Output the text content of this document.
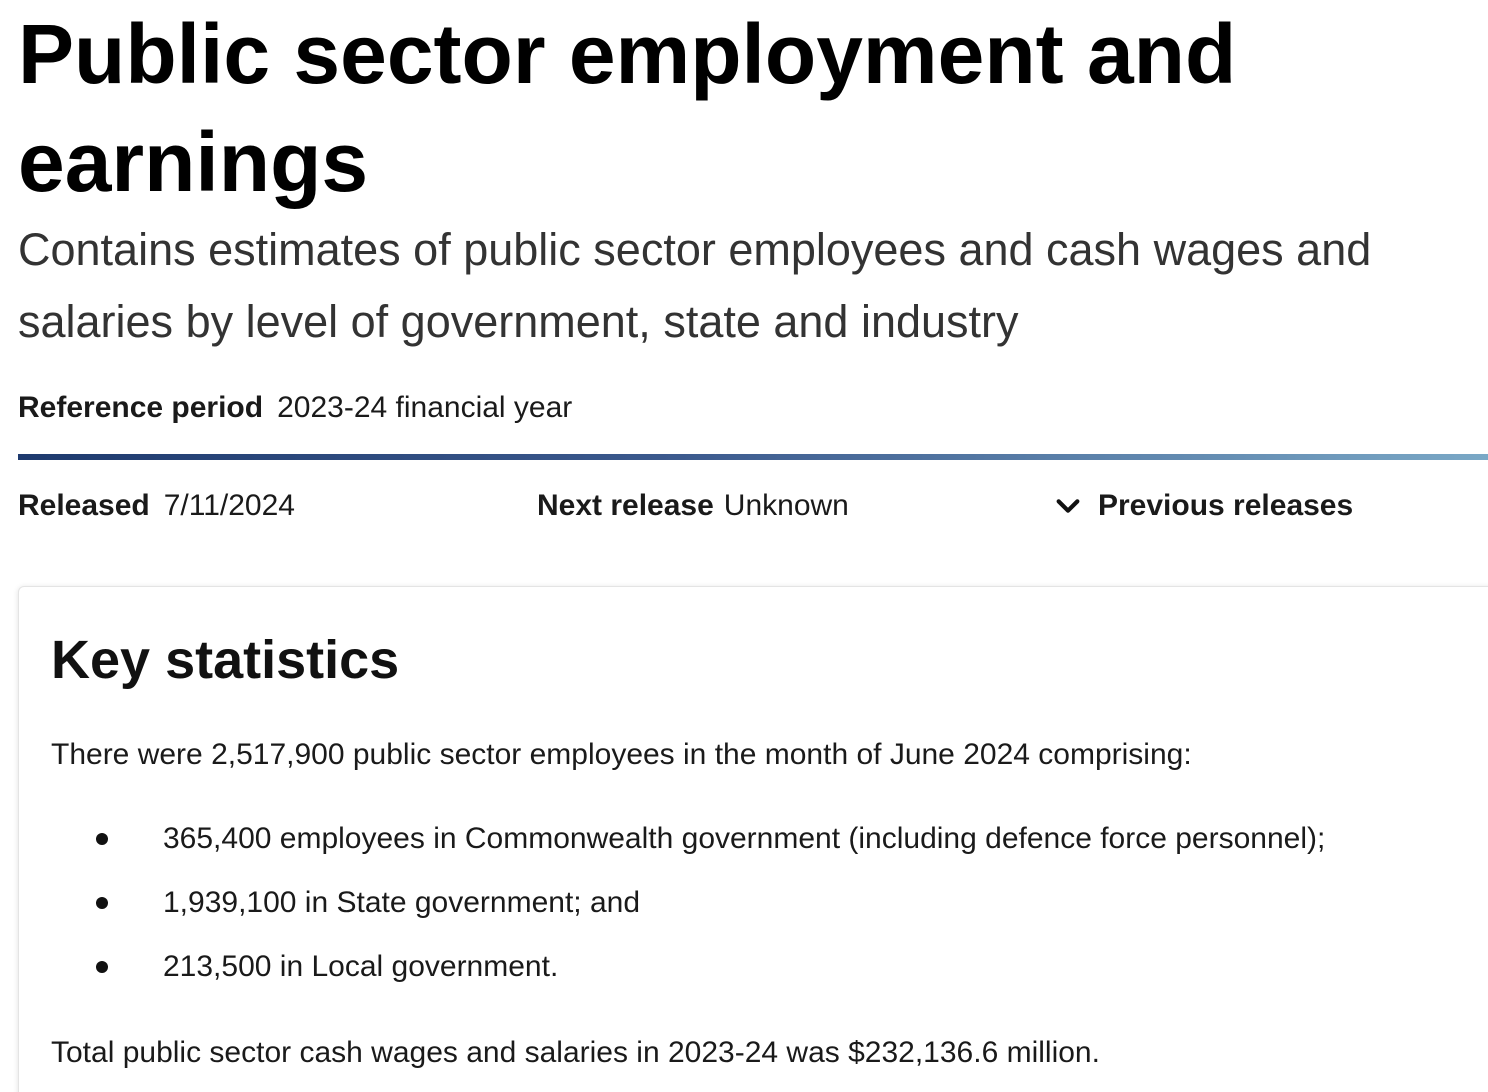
Public sector employment and earnings

Contains estimates of public sector employees and cash wages and salaries by level of government, state and industry

Reference period 2023-24 financial year
Released 7/11/2024	Next release Unknown	Previous releases
Key statistics
There were 2,517,900 public sector employees in the month of June 2024 comprising:
365,400 employees in Commonwealth government (including defence force personnel);
1,939,100 in State government; and
213,500 in Local government.
Total public sector cash wages and salaries in 2023-24 was $232,136.6 million.
